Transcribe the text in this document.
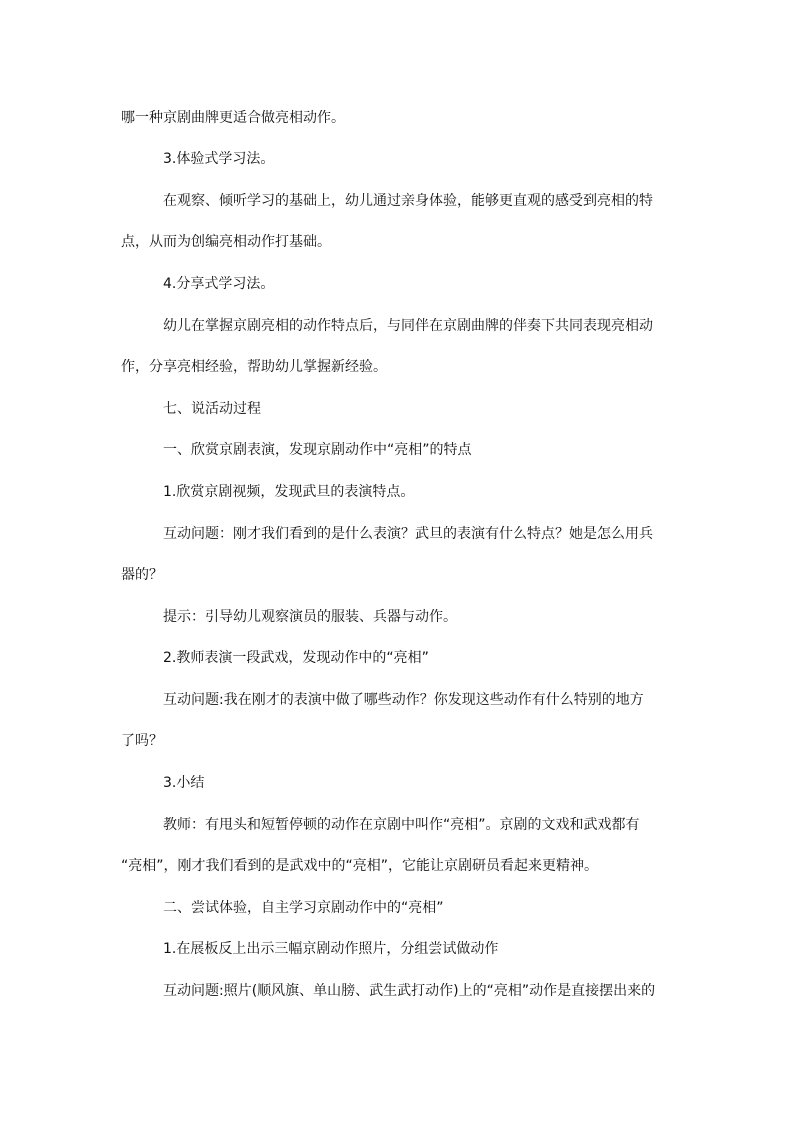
哪一种京剧曲牌更适合做亮相动作。
3.体验式学习法。
在观察、倾听学习的基础上，幼儿通过亲身体验，能够更直观的感受到亮相的特
点，从而为创编亮相动作打基础。
4.分享式学习法。
幼儿在掌握京剧亮相的动作特点后，与同伴在京剧曲牌的伴奏下共同表现亮相动
作，分享亮相经验，帮助幼儿掌握新经验。
七、说活动过程
一、欣赏京剧表演，发现京剧动作中“亮相”的特点
1.欣赏京剧视频，发现武旦的表演特点。
互动问题：刚才我们看到的是什么表演？武旦的表演有什么特点？她是怎么用兵
器的？
提示：引导幼儿观察演员的服装、兵器与动作。
2.教师表演一段武戏，发现动作中的“亮相”
互动问题:我在刚才的表演中做了哪些动作？你发现这些动作有什么特别的地方
了吗？
3.小结
教师：有甩头和短暂停顿的动作在京剧中叫作“亮相”。京剧的文戏和武戏都有
“亮相”，刚才我们看到的是武戏中的“亮相”，它能让京剧研员看起来更精神。
二、尝试体验，自主学习京剧动作中的“亮相”
1.在展板反上出示三幅京剧动作照片，分组尝试做动作
互动问题:照片(顺风旗、单山膀、武生武打动作)上的“亮相”动作是直接摆出来的
